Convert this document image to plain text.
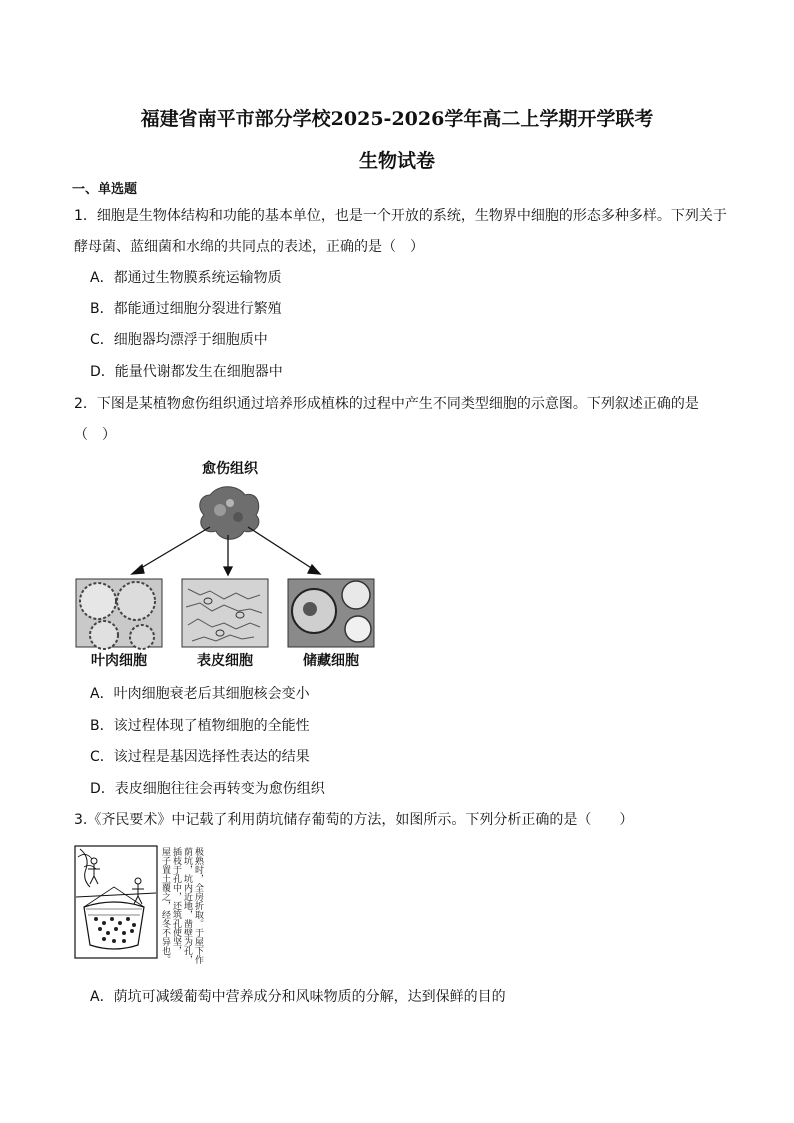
福建省南平市部分学校2025-2026学年高二上学期开学联考
生物试卷
一、单选题
1．细胞是生物体结构和功能的基本单位，也是一个开放的系统，生物界中细胞的形态多种多样。下列关于
酵母菌、蓝细菌和水绵的共同点的表述，正确的是（　）
A．都通过生物膜系统运输物质
B．都能通过细胞分裂进行繁殖
C．细胞器均漂浮于细胞质中
D．能量代谢都发生在细胞器中
2．下图是某植物愈伤组织通过培养形成植株的过程中产生不同类型细胞的示意图。下列叙述正确的是
（　）
愈伤组织
叶肉细胞	表皮细胞	储藏细胞
A．叶肉细胞衰老后其细胞核会变小
B．该过程体现了植物细胞的全能性
C．该过程是基因选择性表达的结果
D．表皮细胞往往会再转变为愈伤组织
3.《齐民要术》中记载了利用荫坑储存葡萄的方法，如图所示。下列分析正确的是（　　）
屋子置土覆之，经冬不异也。 插枝于孔中，还筑孔使坚， 荫坑，坑内近地，凿壁为孔， 极熟时，全房折取。于屋下作
A．荫坑可减缓葡萄中营养成分和风味物质的分解，达到保鲜的目的
